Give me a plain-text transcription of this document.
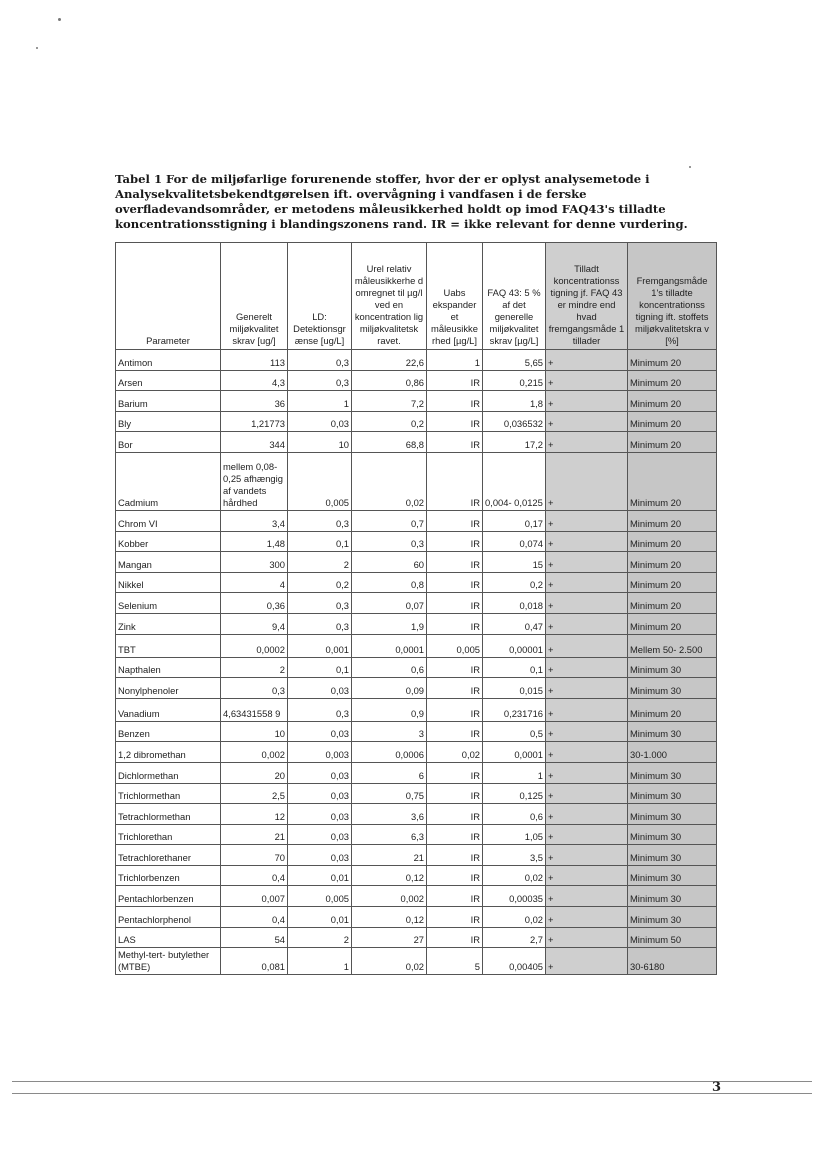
Tabel 1 For de miljøfarlige forurenende stoffer, hvor der er oplyst analysemetode i Analysekvalitetsbekendtgørelsen ift. overvågning i vandfasen i de ferske overfladevandsområder, er metodens måleusikkerhed holdt op imod FAQ43's tilladte koncentrationsstigning i blandingszonens rand. IR = ikke relevant for denne vurdering.
Parameter	Generelt miljøkvalitet skrav [ug/]	LD: Detektionsgr ænse [ug/L]	Urel relativ måleusikkerhe d omregnet til µg/l ved en koncentration lig miljøkvalitetsk ravet.	Uabs ekspander et måleusikke rhed [µg/L]	FAQ 43: 5 % af det generelle miljøkvalitet skrav [µg/L]	Tilladt koncentrationss tigning jf. FAQ 43 er mindre end hvad fremgangsmåde 1 tillader	Fremgangsmåde 1's tilladte koncentrationss tigning ift. stoffets miljøkvalitetskra v [%]
Antimon	113	0,3	22,6	1	5,65	+	Minimum 20
Arsen	4,3	0,3	0,86	IR	0,215	+	Minimum 20
Barium	36	1	7,2	IR	1,8	+	Minimum 20
Bly	1,21773	0,03	0,2	IR	0,036532	+	Minimum 20
Bor	344	10	68,8	IR	17,2	+	Minimum 20
Cadmium	mellem 0,08-0,25 afhængig af vandets hårdhed	0,005	0,02	IR	0,004- 0,0125	+	Minimum 20
Chrom VI	3,4	0,3	0,7	IR	0,17	+	Minimum 20
Kobber	1,48	0,1	0,3	IR	0,074	+	Minimum 20
Mangan	300	2	60	IR	15	+	Minimum 20
Nikkel	4	0,2	0,8	IR	0,2	+	Minimum 20
Selenium	0,36	0,3	0,07	IR	0,018	+	Minimum 20
Zink	9,4	0,3	1,9	IR	0,47	+	Minimum 20
TBT	0,0002	0,001	0,0001	0,005	0,00001	+	Mellem 50- 2.500
Napthalen	2	0,1	0,6	IR	0,1	+	Minimum 30
Nonylphenoler	0,3	0,03	0,09	IR	0,015	+	Minimum 30
Vanadium	4,63431558 9	0,3	0,9	IR	0,231716	+	Minimum 20
Benzen	10	0,03	3	IR	0,5	+	Minimum 30
1,2 dibromethan	0,002	0,003	0,0006	0,02	0,0001	+	30-1.000
Dichlormethan	20	0,03	6	IR	1	+	Minimum 30
Trichlormethan	2,5	0,03	0,75	IR	0,125	+	Minimum 30
Tetrachlormethan	12	0,03	3,6	IR	0,6	+	Minimum 30
Trichlorethan	21	0,03	6,3	IR	1,05	+	Minimum 30
Tetrachlorethaner	70	0,03	21	IR	3,5	+	Minimum 30
Trichlorbenzen	0,4	0,01	0,12	IR	0,02	+	Minimum 30
Pentachlorbenzen	0,007	0,005	0,002	IR	0,00035	+	Minimum 30
Pentachlorphenol	0,4	0,01	0,12	IR	0,02	+	Minimum 30
LAS	54	2	27	IR	2,7	+	Minimum 50
Methyl-tert- butylether (MTBE)	0,081	1	0,02	5	0,00405	+	30-6180
3
